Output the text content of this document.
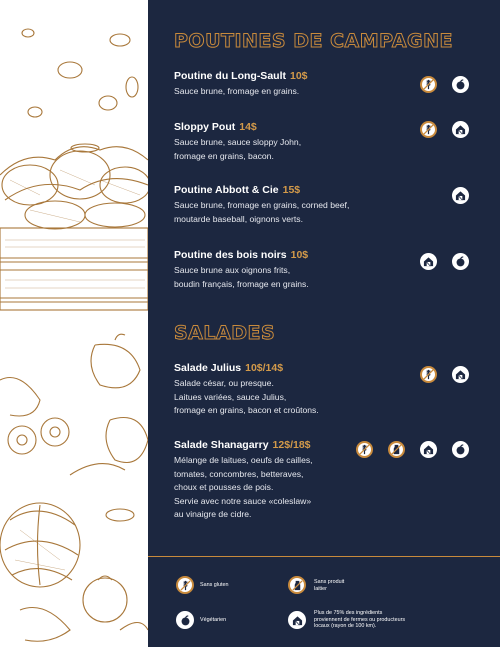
POUTINES DE CAMPAGNE
Poutine du Long-Sault 10$
Sauce brune, fromage en grains.
Sloppy Pout 14$
Sauce brune, sauce sloppy John,
fromage en grains, bacon.
Poutine Abbott & Cie 15$
Sauce brune, fromage en grains, corned beef,
moutarde baseball, oignons verts.
Poutine des bois noirs 10$
Sauce brune aux oignons frits,
boudin français, fromage en grains.
SALADES
Salade Julius 10$/14$
Salade césar, ou presque.
Laitues variées, sauce Julius,
fromage en grains, bacon et croûtons.
Salade Shanagarry 12$/18$
Mélange de laitues, oeufs de cailles,
tomates, concombres, betteraves,
choux et pousses de pois.
Servie avec notre sauce «coleslaw»
au vinaigre de cidre.
Sans gluten	Sans produit
laitier
Végétarien
Plus de 75% des ingrédients
proviennent de fermes ou producteurs
locaux (rayon de 100 km).
